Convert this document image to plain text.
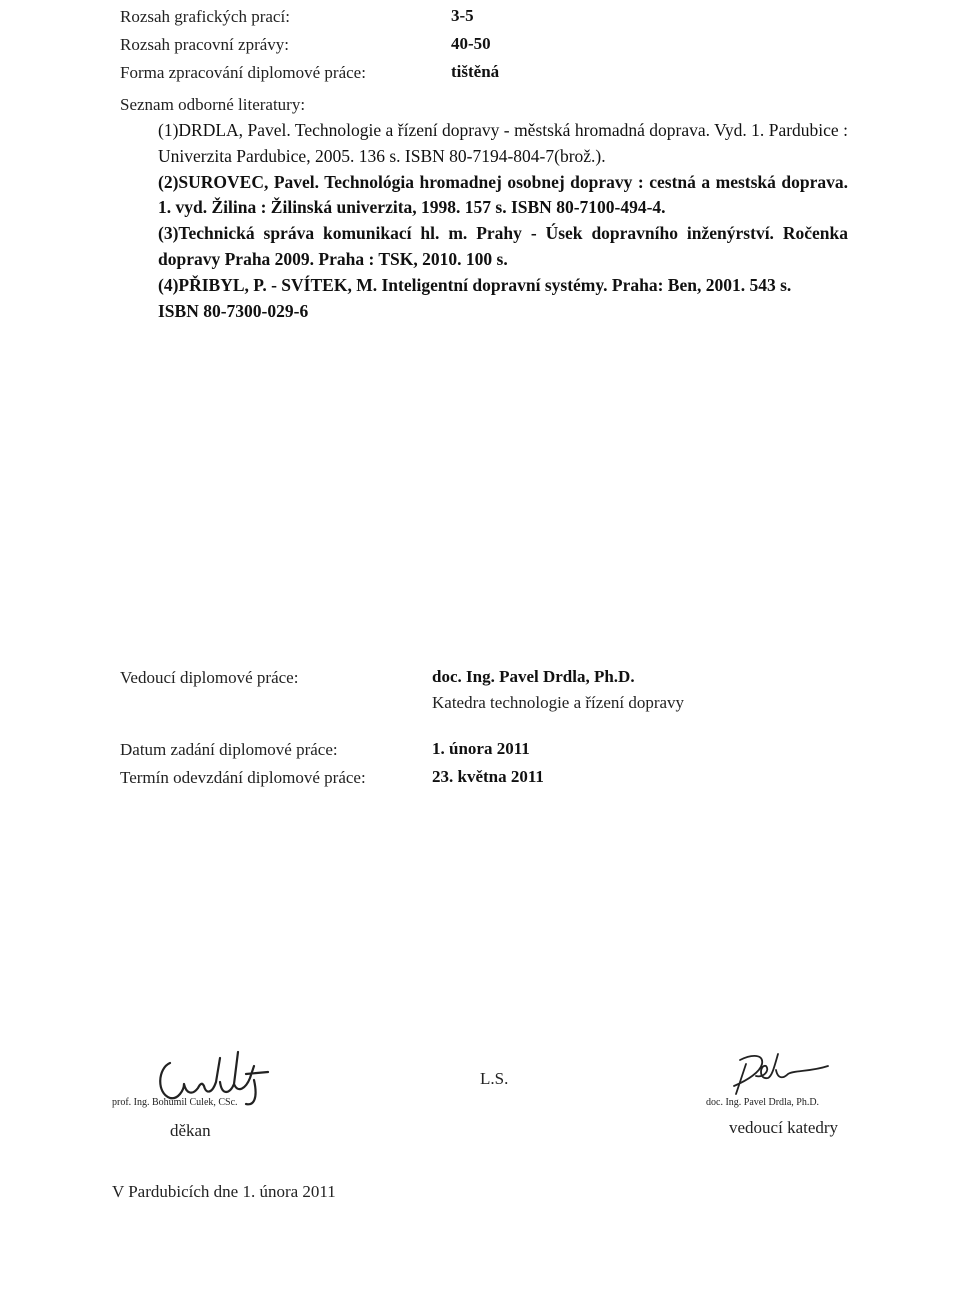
Rozsah grafických prací:	3-5
Rozsah pracovní zprávy:	40-50
Forma zpracování diplomové práce:	tištěná
Seznam odborné literatury:

(1)DRDLA, Pavel. Technologie a řízení dopravy - městská hromadná doprava. Vyd. 1. Pardubice : Univerzita Pardubice, 2005. 136 s. ISBN 80-7194-804-7(brož.).

(2)SUROVEC, Pavel. Technológia hromadnej osobnej dopravy : cestná a mestská doprava. 1. vyd. Žilina : Žilinská univerzita, 1998. 157 s. ISBN 80-7100-494-4.

(3)Technická správa komunikací hl. m. Prahy - Úsek dopravního inženýrství. Ročenka dopravy Praha 2009. Praha : TSK, 2010. 100 s.

(4)PŘIBYL, P. - SVÍTEK, M. Inteligentní dopravní systémy. Praha: Ben, 2001. 543 s.

ISBN 80-7300-029-6

Vedoucí diplomové práce:	doc. Ing. Pavel Drdla, Ph.D.
Katedra technologie a řízení dopravy
Datum zadání diplomové práce:	1. února 2011
Termín odevzdání diplomové práce:	23. května 2011
prof. Ing. Bohumil Culek, CSc.
děkan
L.S.
doc. Ing. Pavel Drdla, Ph.D.
vedoucí katedry
V Pardubicích dne 1. února 2011
